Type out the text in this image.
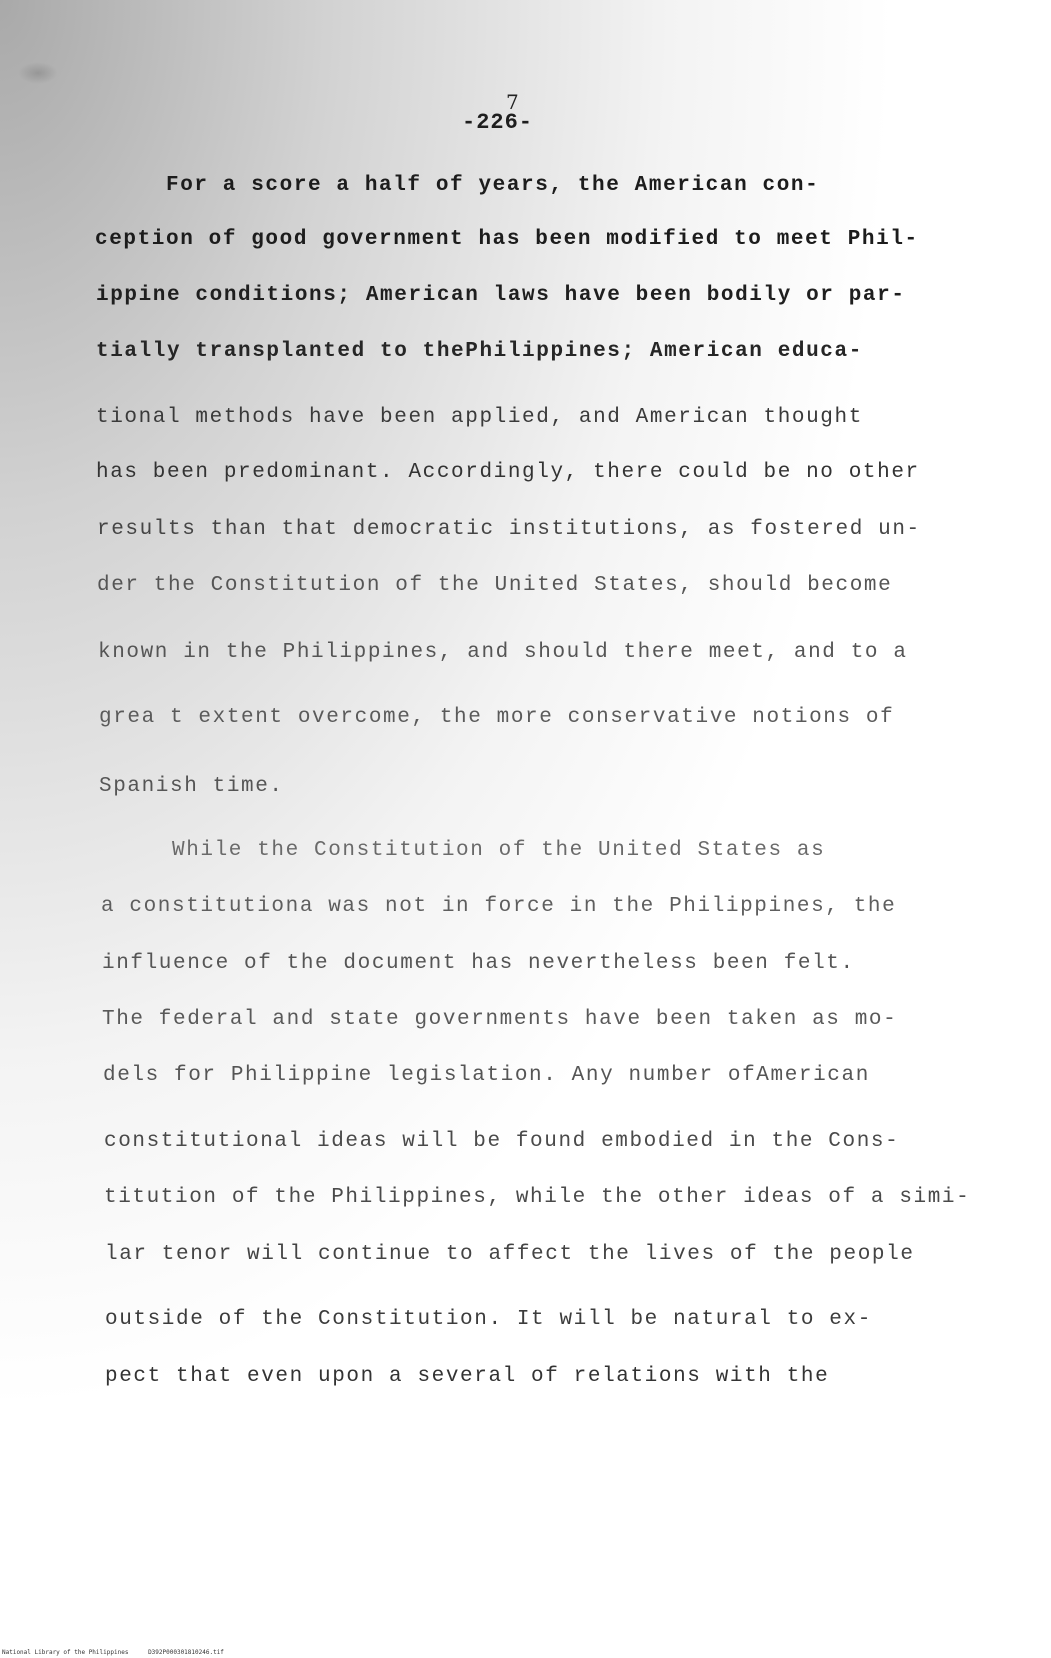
7
-226-
For a score a half of years, the American con-
ception of good government has been modified to meet Phil-
ippine conditions; American laws have been bodily or par-
tially transplanted to thePhilippines; American educa-
tional methods have been applied, and American thought
has been predominant. Accordingly, there could be no other
results than that democratic institutions, as fostered un-
der the Constitution of the United States, should become
known in the Philippines, and should there meet, and to a
grea t extent overcome, the more conservative notions of
Spanish time.
While the Constitution of the United States as
a constitutiona was not in force in the Philippines, the
influence of the document has nevertheless been felt.
The federal and state governments have been taken as mo-
dels for Philippine legislation. Any number ofAmerican
constitutional ideas will be found embodied in the Cons-
titution of the Philippines, while the other ideas of a simi-
lar tenor will continue to affect the lives of the people
outside of the Constitution. It will be natural to ex-
pect that even upon a several of relations with the
National Library of the Philippines	D392P000301810246.tif
